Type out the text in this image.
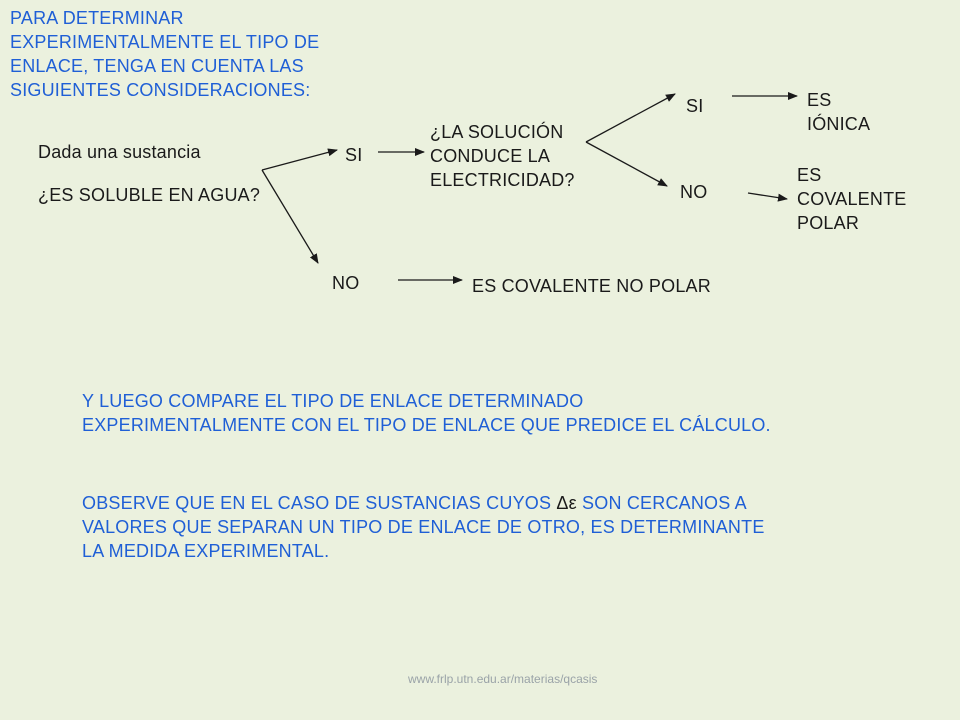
PARA DETERMINAR
EXPERIMENTALMENTE EL TIPO DE
ENLACE, TENGA EN CUENTA LAS
SIGUIENTES CONSIDERACIONES:

Dada una sustancia

¿ES SOLUBLE EN AGUA?

SI

NO

¿LA SOLUCIÓN
CONDUCE LA
ELECTRICIDAD?

SI

NO

ES
IÓNICA

ES
COVALENTE
POLAR

ES COVALENTE NO POLAR

Y LUEGO COMPARE EL TIPO DE ENLACE DETERMINADO EXPERIMENTALMENTE CON EL TIPO DE ENLACE QUE PREDICE EL CÁLCULO.

OBSERVE QUE EN EL CASO DE SUSTANCIAS CUYOS Δε SON CERCANOS A VALORES QUE SEPARAN UN TIPO DE ENLACE DE OTRO, ES DETERMINANTE LA MEDIDA EXPERIMENTAL.

www.frlp.utn.edu.ar/materias/qcasis
